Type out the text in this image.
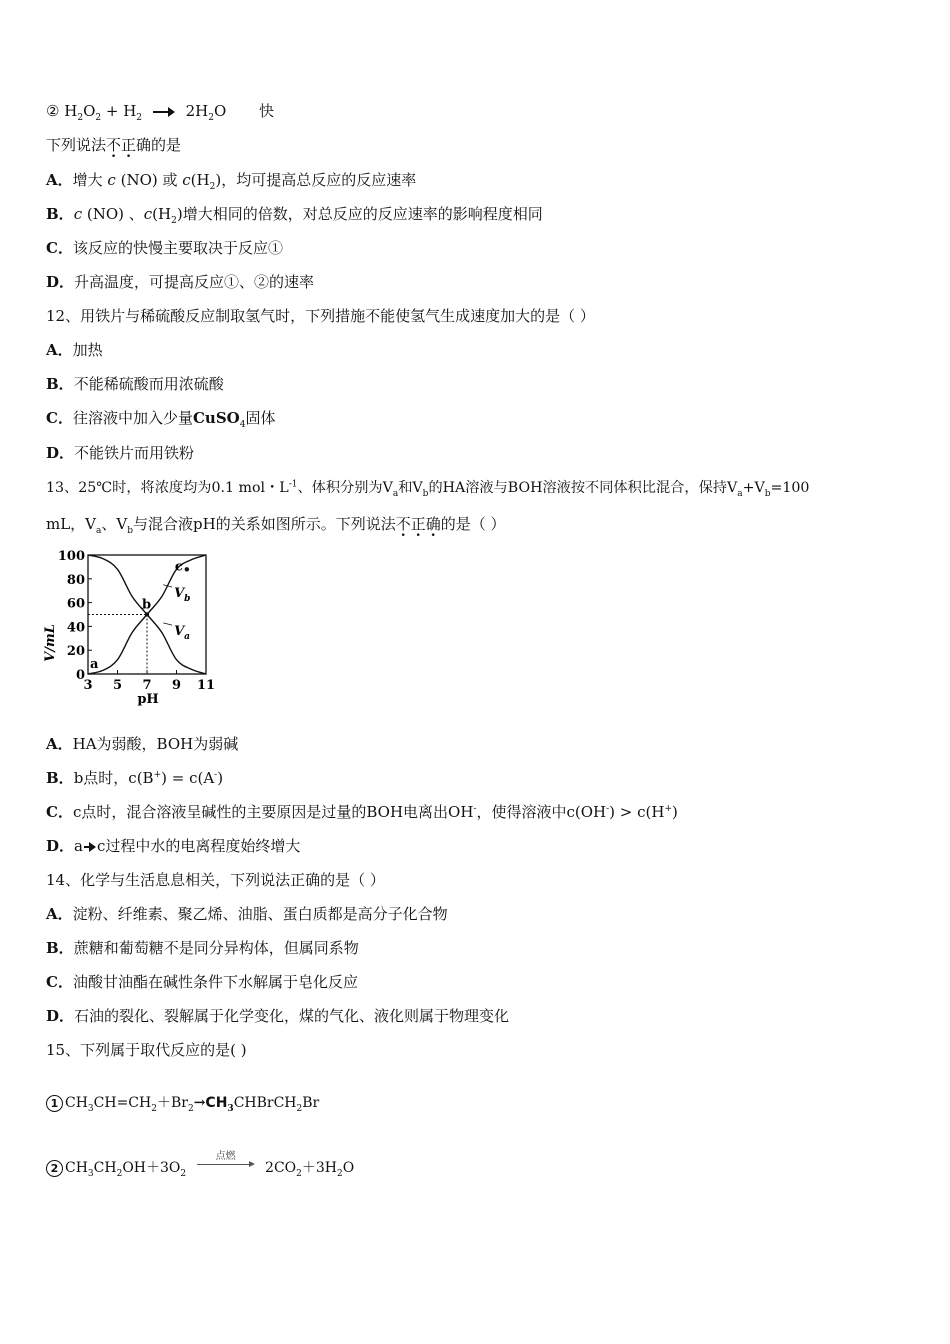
② $H_2O_2 + H_2$	$2H_2O$ 快
下列说法不正确的是
A．增大 c (NO) 或 $c(H_2)$，均可提高总反应的反应速率
B．c (NO) 、$c(H_2)$增大相同的倍数，对总反应的反应速率的影响程度相同
C．该反应的快慢主要取决于反应①
D．升高温度，可提高反应①、②的速率
12、用铁片与稀硫酸反应制取氢气时，下列措施不能使氢气生成速度加大的是（ ）
A．加热
B．不能稀硫酸而用浓硫酸
C．往溶液中加入少量CuSO$_4$固体
D．不能铁片而用铁粉
13、25℃时，将浓度均为0.1 mol・$L^{-1}$、体积分别为$V_a$和$V_b$的HA溶液与BOH溶液按不同体积比混合，保持$V_a+V_b=100$
mL，$V_a$、$V_b$与混合液pH的关系如图所示。下列说法不正确的是（ ）
3 5 7 9 11
0
20
40
60
80
100
$V_b$
$V_a$
a
b
c
V/mL
pH
A．HA为弱酸，BOH为弱碱
B．b点时，c(B+) = c(A-)
C．c点时，混合溶液呈碱性的主要原因是过量的BOH电离出OH-，使得溶液中c(OH-) > c(H+)
D．a c过程中水的电离程度始终增大
14、化学与生活息息相关，下列说法正确的是（ ）
A．淀粉、纤维素、聚乙烯、油脂、蛋白质都是高分子化合物
B．蔗糖和葡萄糖不是同分异构体，但属同系物
C．油酸甘油酯在碱性条件下水解属于皂化反应
D．石油的裂化、裂解属于化学变化，煤的气化、液化则属于物理变化
15、下列属于取代反应的是( )
1 $CH_3CH=CH_2+Br_2\to CH_3CHBrCH_2Br$
2 $CH_3CH_2OH+3O_2$
点燃
$2CO_2+3H_2O$
